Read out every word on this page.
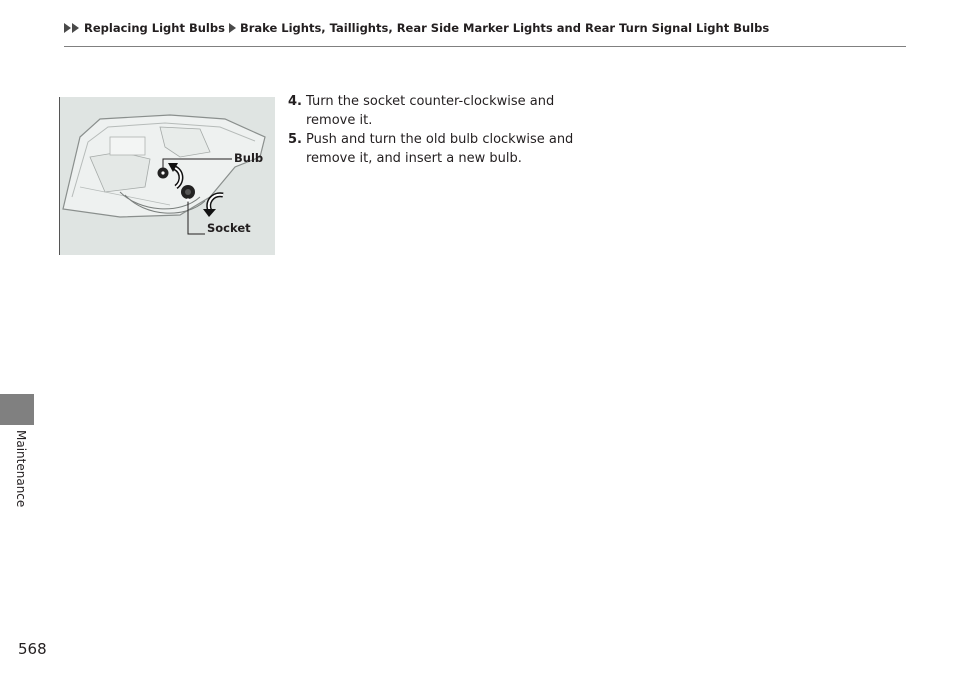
Replacing Light Bulbs Brake Lights, Taillights, Rear Side Marker Lights and Rear Turn Signal Light Bulbs
Bulb
Socket
4. Turn the socket counter-clockwise and remove it.
5. Push and turn the old bulb clockwise and remove it, and insert a new bulb.
Maintenance
568
